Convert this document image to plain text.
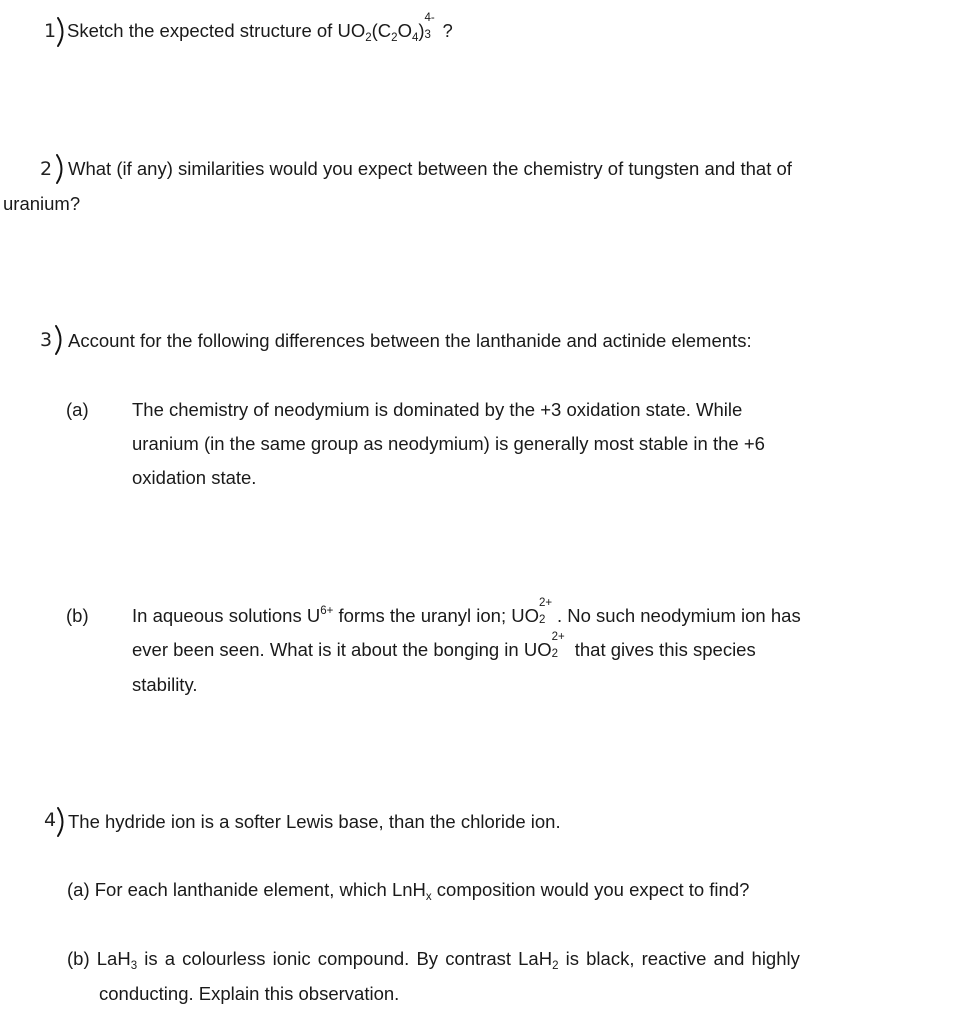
1 Sketch the expected structure of $UO_2(C_2O_4)$
4-
3 ?
2 What (if any) similarities would you expect between the chemistry of tungsten and that of
uranium?
3 Account for the following differences between the lanthanide and actinide elements:
(a) The chemistry of neodymium is dominated by the +3 oxidation state. While
uranium (in the same group as neodymium) is generally most stable in the +6
oxidation state.
(b) In aqueous solutions $U^{6+}$ forms the uranyl ion; UO
2+
2 . No such neodymium ion has
ever been seen. What is it about the bonging in UO
2+
2 that gives this species
stability.
4 The hydride ion is a softer Lewis base, than the chloride ion.
(a) For each lanthanide element, which LnH$_x$ composition would you expect to find?
(b) LaH$_3$ is a colourless ionic compound. By contrast LaH$_2$ is black, reactive and highly
conducting. Explain this observation.
